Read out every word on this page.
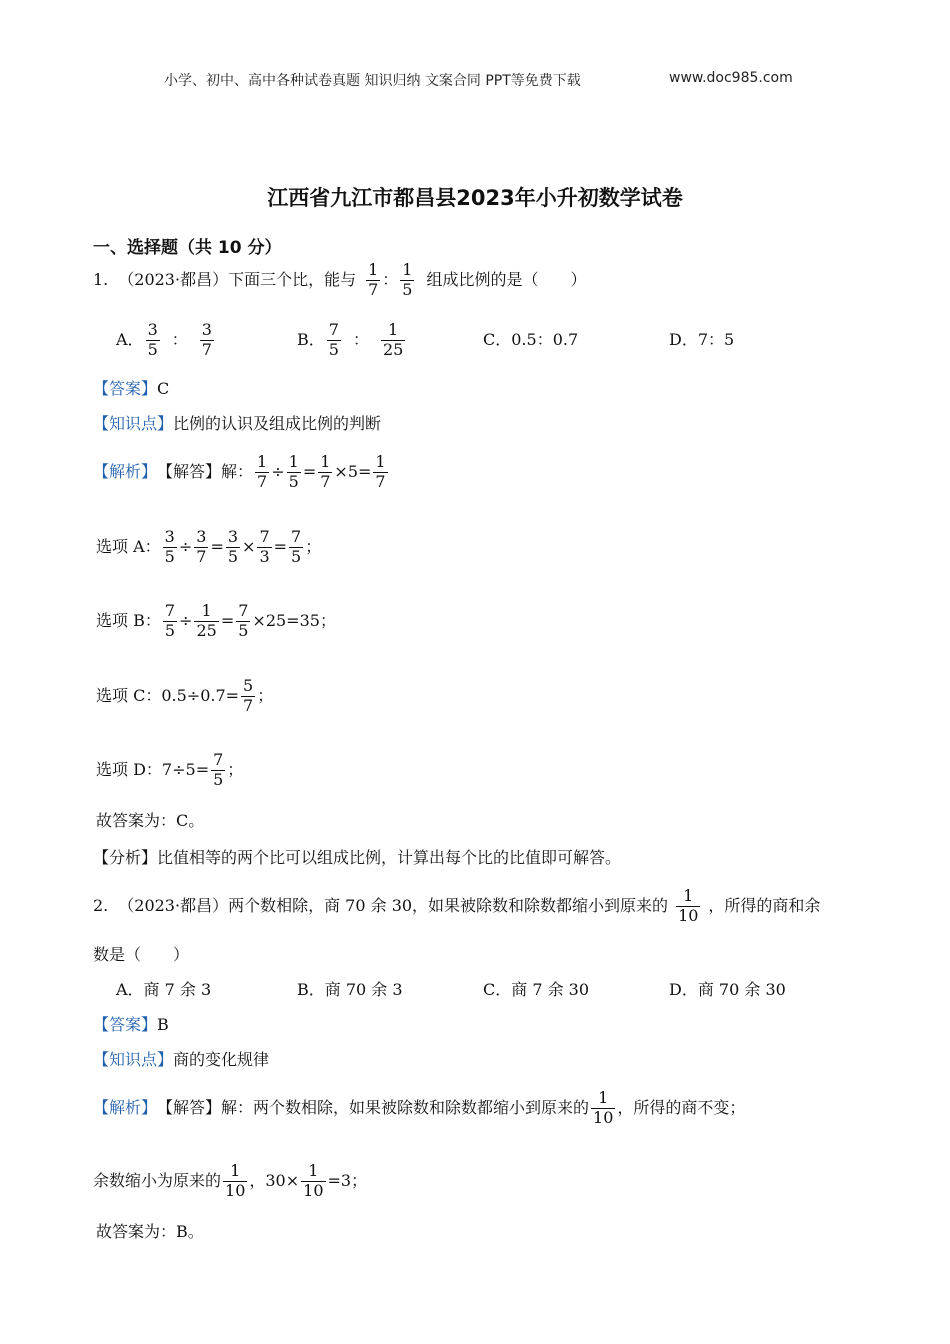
小学、初中、高中各种试卷真题 知识归纳 文案合同 PPT等免费下载	www.doc985.com
江西省九江市都昌县2023年小升初数学试卷
一、选择题（共 10 分）
1. （2023·都昌） 下面三个比，能与 $\frac{1}{7}$ ： $\frac{1}{5}$ 组成比例的是（　　）
A． $\frac{3}{5}$ ： $\frac{3}{7}$	B． $\frac{7}{5}$ ： $\frac{1}{25}$	C．0.5：0.7	D．7：5
【答案】C
【知识点】比例的认识及组成比例的判断
【解析】 【解答】解： $\frac{1}{7} \div \frac{1}{5} = \frac{1}{7} \times 5 = \frac{1}{7}$
选项 A： $\frac{3}{5} \div \frac{3}{7} = \frac{3}{5} \times \frac{7}{3} = \frac{7}{5}$ ；
选项 B： $\frac{7}{5} \div \frac{1}{25} = \frac{7}{5} \times 25=35$；
选项 C： $0.5\div 0.7= \frac{5}{7}$ ；
选项 D： $7\div 5= \frac{7}{5}$ ；
故答案为：C。
【分析】比值相等的两个比可以组成比例，计算出每个比的比值即可解答。
2. （2023·都昌） 两个数相除，商 70 余 30，如果被除数和除数都缩小到原来的 $\frac{1}{10}$ ，所得的商和余
数是（　　）
A．商 7 余 3	B．商 70 余 3	C．商 7 余 30	D．商 70 余 30
【答案】B
【知识点】商的变化规律
【解析】 【解答】解： 两个数相除，如果被除数和除数都缩小到原来的 $\frac{1}{10}$ ，所得的商不变；
余数缩小为原来的 $\frac{1}{10}$ ，$30\times \frac{1}{10} =3$；
故答案为：B。
